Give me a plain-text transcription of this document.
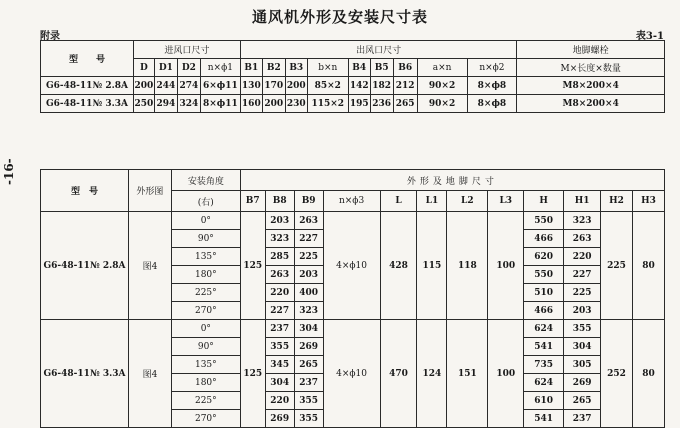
通风机外形及安装尺寸表
附录	表3-1
-16-
型　　号	进风口尺寸				出风口尺寸									地脚螺栓
	D	D1	D2	n×ϕ1	B1	B2	B3	b×n	B4	B5	B6	a×n	n×ϕ2	M×长度×数量
G6-48-11№ 2.8A	200	244	274	6×ϕ11	130	170	200	85×2	142	182	212	90×2	8×ϕ8	M8×200×4
G6-48-11№ 3.3A	250	294	324	8×ϕ11	160	200	230	115×2	195	236	265	90×2	8×ϕ8	M8×200×4
型　号	外形图	安装角度	外形及地脚尺寸											
		(右)	B7	B8	B9	n×ϕ3	L	L1	L2	L3	H	H1	H2	H3
G6-48-11№ 2.8A	图4	0°	125	203	263	4×ϕ10	428	115	118	100	550	323	225	80
		90°		323	227						466	263		
		135°		285	225						620	220		
		180°		263	203						550	227		
		225°		220	400						510	225		
		270°		227	323						466	203		
G6-48-11№ 3.3A	图4	0°	125	237	304	4×ϕ10	470	124	151	100	624	355	252	80
		90°		355	269						541	304		
		135°		345	265						735	305		
		180°		304	237						624	269		
		225°		220	355						610	265		
		270°		269	355						541	237		
